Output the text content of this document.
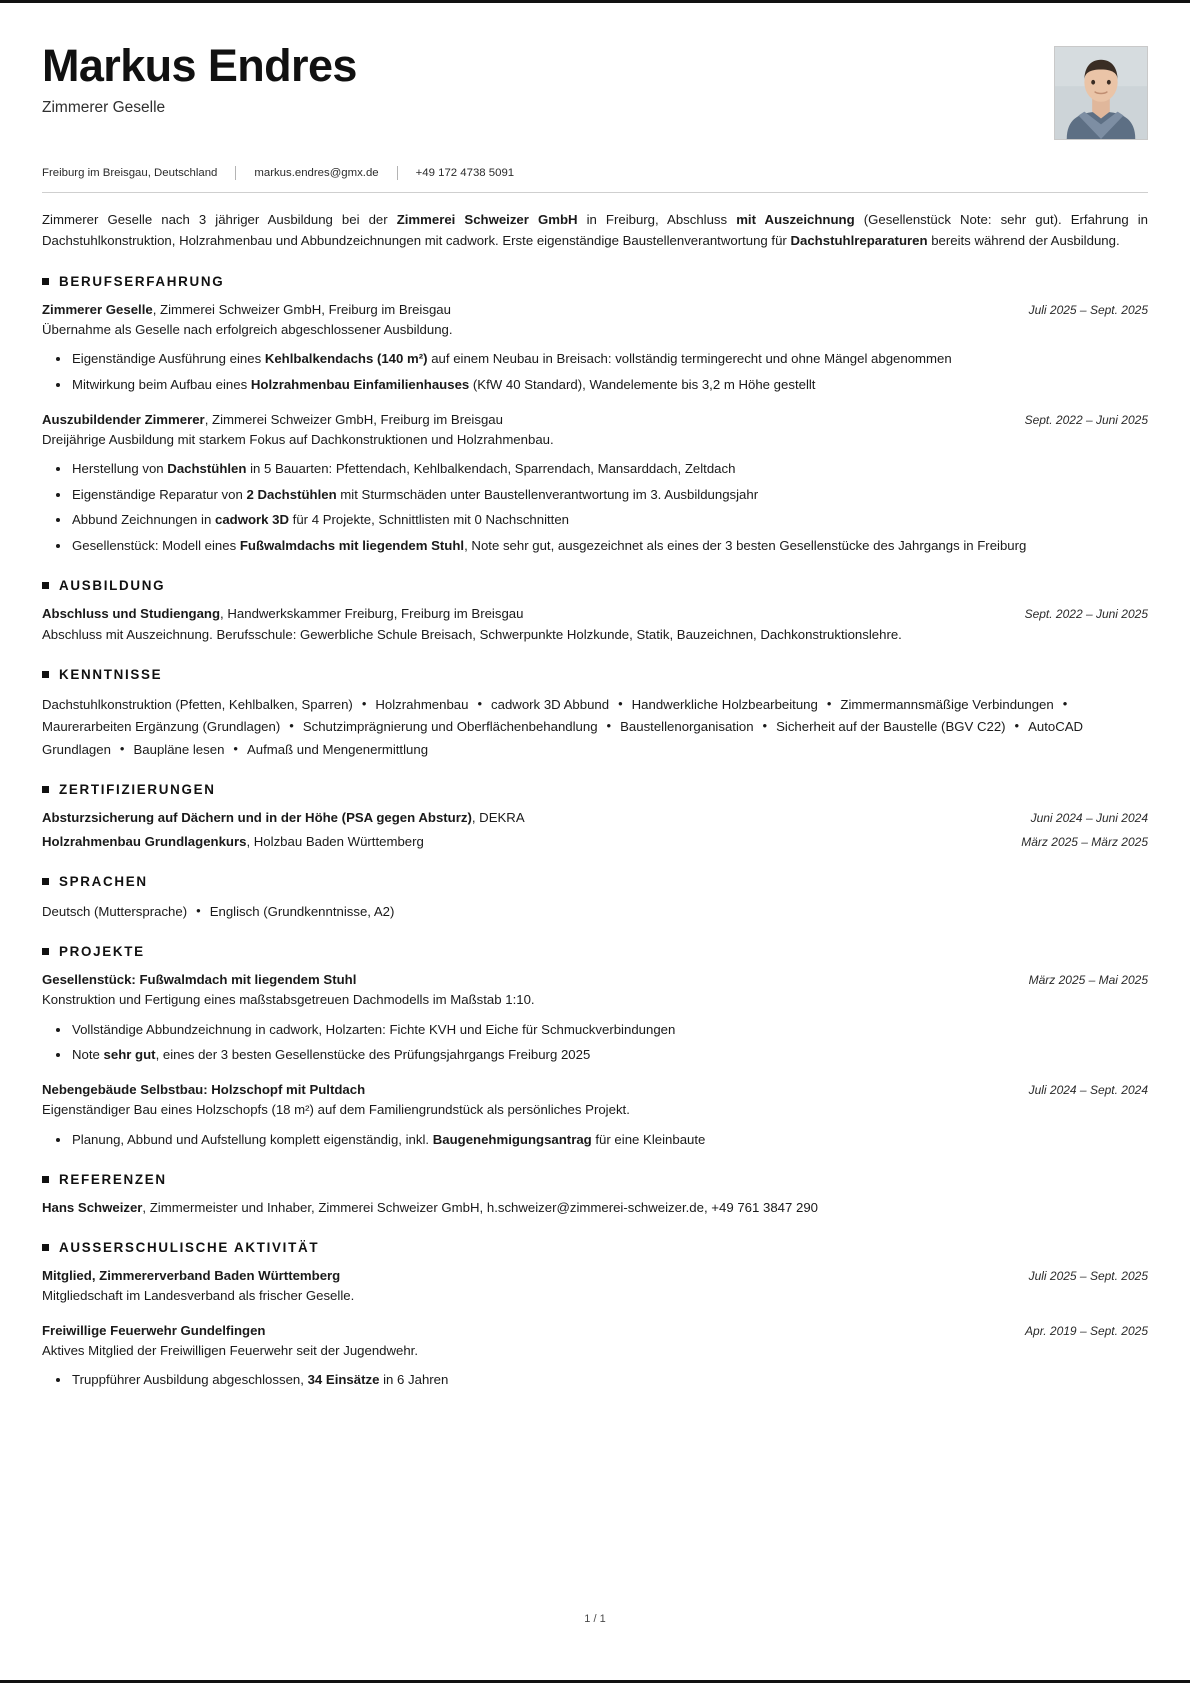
Markus Endres

Zimmerer Geselle

Freiburg im Breisgau, Deutschland	markus.endres@gmx.de	+49 172 4738 5091

Zimmerer Geselle nach 3 jähriger Ausbildung bei der Zimmerei Schweizer GmbH in Freiburg, Abschluss mit Auszeichnung (Gesellenstück Note: sehr gut). Erfahrung in Dachstuhlkonstruktion, Holzrahmenbau und Abbundzeichnungen mit cadwork. Erste eigenständige Baustellenverantwortung für Dachstuhlreparaturen bereits während der Ausbildung.

BERUFSERFAHRUNG
Zimmerer Geselle, Zimmerei Schweizer GmbH, Freiburg im Breisgau	Juli 2025 – Sept. 2025
Übernahme als Geselle nach erfolgreich abgeschlossener Ausbildung.
Eigenständige Ausführung eines Kehlbalkendachs (140 m²) auf einem Neubau in Breisach: vollständig termingerecht und ohne Mängel abgenommen
Mitwirkung beim Aufbau eines Holzrahmenbau Einfamilienhauses (KfW 40 Standard), Wandelemente bis 3,2 m Höhe gestellt
Auszubildender Zimmerer, Zimmerei Schweizer GmbH, Freiburg im Breisgau	Sept. 2022 – Juni 2025
Dreijährige Ausbildung mit starkem Fokus auf Dachkonstruktionen und Holzrahmenbau.
Herstellung von Dachstühlen in 5 Bauarten: Pfettendach, Kehlbalkendach, Sparrendach, Mansarddach, Zeltdach
Eigenständige Reparatur von 2 Dachstühlen mit Sturmschäden unter Baustellenverantwortung im 3. Ausbildungsjahr
Abbund Zeichnungen in cadwork 3D für 4 Projekte, Schnittlisten mit 0 Nachschnitten
Gesellenstück: Modell eines Fußwalmdachs mit liegendem Stuhl, Note sehr gut, ausgezeichnet als eines der 3 besten Gesellenstücke des Jahrgangs in Freiburg
AUSBILDUNG
Abschluss und Studiengang, Handwerkskammer Freiburg, Freiburg im Breisgau	Sept. 2022 – Juni 2025
Abschluss mit Auszeichnung. Berufsschule: Gewerbliche Schule Breisach, Schwerpunkte Holzkunde, Statik, Bauzeichnen, Dachkonstruktionslehre.
KENNTNISSE
Dachstuhlkonstruktion (Pfetten, Kehlbalken, Sparren) • Holzrahmenbau • cadwork 3D Abbund • Handwerkliche Holzbearbeitung • Zimmermannsmäßige Verbindungen •Maurerarbeiten Ergänzung (Grundlagen) • Schutzimprägnierung und Oberflächenbehandlung • Baustellenorganisation • Sicherheit auf der Baustelle (BGV C22) • AutoCAD Grundlagen • Baupläne lesen • Aufmaß und Mengenermittlung
ZERTIFIZIERUNGEN
Absturzsicherung auf Dächern und in der Höhe (PSA gegen Absturz), DEKRA	Juni 2024 – Juni 2024
Holzrahmenbau Grundlagenkurs, Holzbau Baden Württemberg	März 2025 – März 2025
SPRACHEN
Deutsch (Muttersprache) • Englisch (Grundkenntnisse, A2)
PROJEKTE
Gesellenstück: Fußwalmdach mit liegendem Stuhl	März 2025 – Mai 2025
Konstruktion und Fertigung eines maßstabsgetreuen Dachmodells im Maßstab 1:10.
Vollständige Abbundzeichnung in cadwork, Holzarten: Fichte KVH und Eiche für Schmuckverbindungen
Note sehr gut, eines der 3 besten Gesellenstücke des Prüfungsjahrgangs Freiburg 2025
Nebengebäude Selbstbau: Holzschopf mit Pultdach	Juli 2024 – Sept. 2024
Eigenständiger Bau eines Holzschopfs (18 m²) auf dem Familiengrundstück als persönliches Projekt.
Planung, Abbund und Aufstellung komplett eigenständig, inkl. Baugenehmigungsantrag für eine Kleinbaute
REFERENZEN
Hans Schweizer, Zimmermeister und Inhaber, Zimmerei Schweizer GmbH, h.schweizer@zimmerei-schweizer.de, +49 761 3847 290
AUSSERSCHULISCHE AKTIVITÄT
Mitglied, Zimmererverband Baden Württemberg	Juli 2025 – Sept. 2025
Mitgliedschaft im Landesverband als frischer Geselle.
Freiwillige Feuerwehr Gundelfingen	Apr. 2019 – Sept. 2025
Aktives Mitglied der Freiwilligen Feuerwehr seit der Jugendwehr.
Truppführer Ausbildung abgeschlossen, 34 Einsätze in 6 Jahren
1 / 1
